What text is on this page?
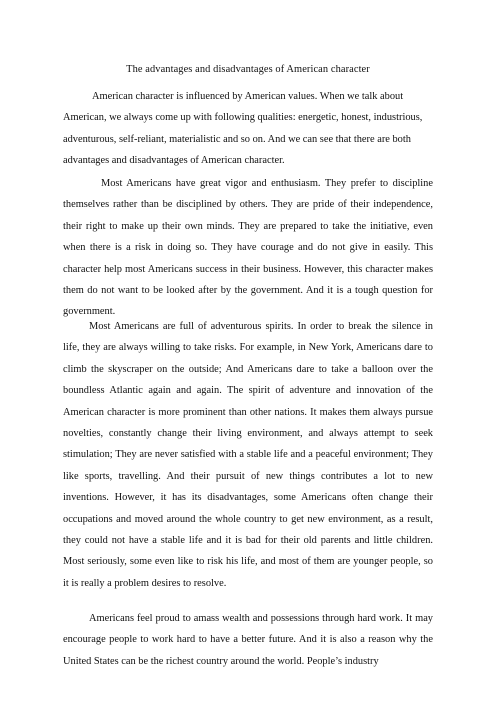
The advantages and disadvantages of American character

American character is influenced by American values. When we talk about American, we always come up with following qualities: energetic, honest, industrious, adventurous, self-reliant, materialistic and so on. And we can see that there are both advantages and disadvantages of American character.

Most Americans have great vigor and enthusiasm. They prefer to discipline themselves rather than be disciplined by others. They are pride of their independence, their right to make up their own minds. They are prepared to take the initiative, even when there is a risk in doing so. They have courage and do not give in easily. This character help most Americans success in their business. However, this character makes them do not want to be looked after by the government. And it is a tough question for government.

Most Americans are full of adventurous spirits. In order to break the silence in life, they are always willing to take risks. For example, in New York, Americans dare to climb the skyscraper on the outside; And Americans dare to take a balloon over the boundless Atlantic again and again. The spirit of adventure and innovation of the American character is more prominent than other nations. It makes them always pursue novelties, constantly change their living environment, and always attempt to seek stimulation; They are never satisfied with a stable life and a peaceful environment; They like sports, travelling. And their pursuit of new things contributes a lot to new inventions. However, it has its disadvantages, some Americans often change their occupations and moved around the whole country to get new environment, as a result, they could not have a stable life and it is bad for their old parents and little children. Most seriously, some even like to risk his life, and most of them are younger people, so it is really a problem desires to resolve.

Americans feel proud to amass wealth and possessions through hard work. It may encourage people to work hard to have a better future. And it is also a reason why the United States can be the richest country around the world. People’s industry
